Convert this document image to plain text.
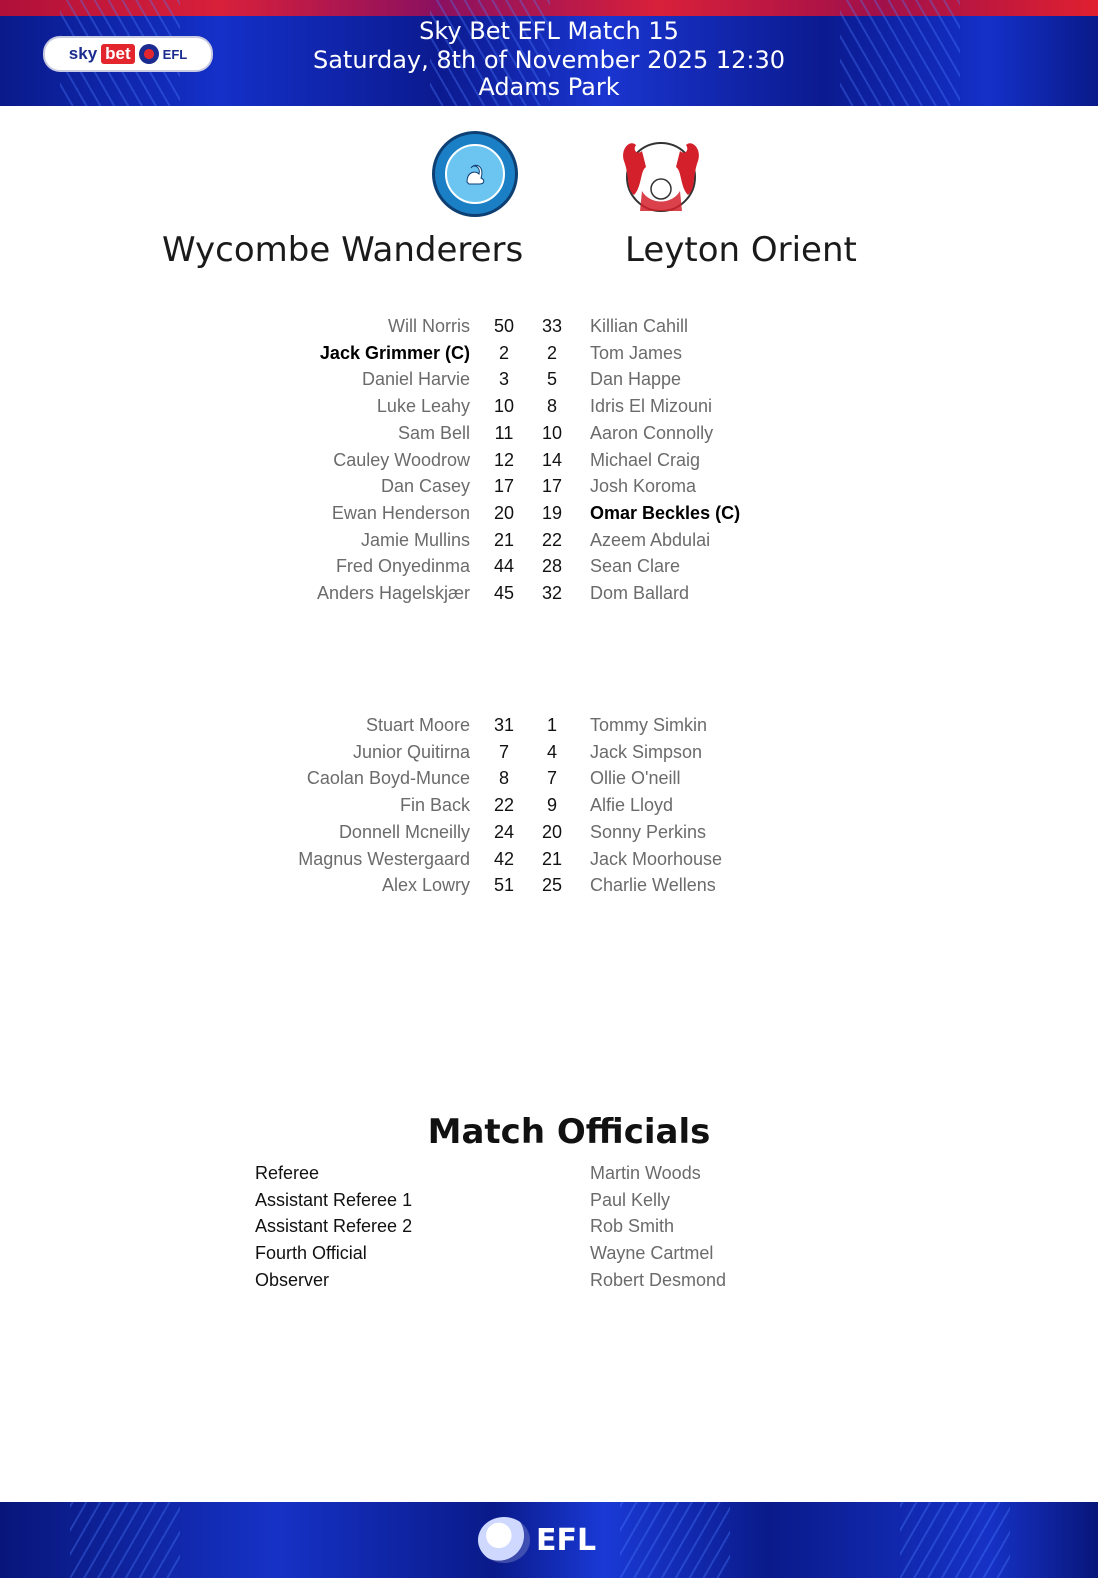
Sky Bet EFL Match 15
Saturday, 8th of November 2025 12:30
Adams Park
sky bet	EFL
Wycombe Wanderers	Leyton Orient
Will Norris	50	33	Killian Cahill
Jack Grimmer (C)	2	2	Tom James
Daniel Harvie	3	5	Dan Happe
Luke Leahy	10	8	Idris El Mizouni
Sam Bell	11	10	Aaron Connolly
Cauley Woodrow	12	14	Michael Craig
Dan Casey	17	17	Josh Koroma
Ewan Henderson	20	19	Omar Beckles (C)
Jamie Mullins	21	22	Azeem Abdulai
Fred Onyedinma	44	28	Sean Clare
Anders Hagelskjær	45	32	Dom Ballard
Stuart Moore	31	1	Tommy Simkin
Junior Quitirna	7	4	Jack Simpson
Caolan Boyd-Munce	8	7	Ollie O'neill
Fin Back	22	9	Alfie Lloyd
Donnell Mcneilly	24	20	Sonny Perkins
Magnus Westergaard	42	21	Jack Moorhouse
Alex Lowry	51	25	Charlie Wellens
Match Officials
Referee	Martin Woods
Assistant Referee 1	Paul Kelly
Assistant Referee 2	Rob Smith
Fourth Official	Wayne Cartmel
Observer	Robert Desmond
EFL
